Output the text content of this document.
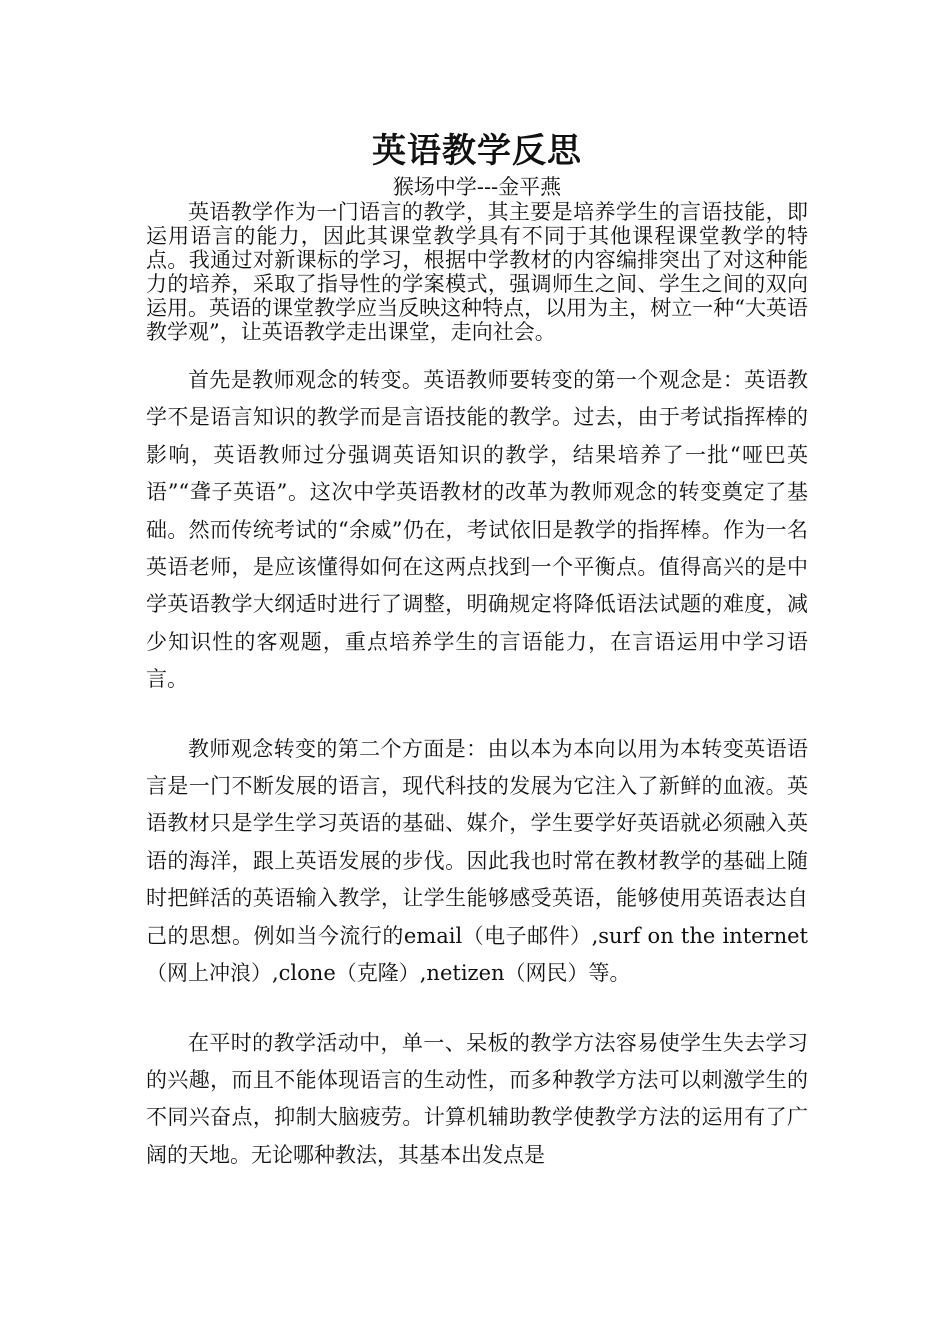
英语教学反思

猴场中学---金平燕

英语教学作为一门语言的教学，其主要是培养学生的言语技能，即运用语言的能力，因此其课堂教学具有不同于其他课程课堂教学的特点。我通过对新课标的学习，根据中学教材的内容编排突出了对这种能力的培养，采取了指导性的学案模式，强调师生之间、学生之间的双向运用。英语的课堂教学应当反映这种特点，以用为主，树立一种“大英语教学观”，让英语教学走出课堂，走向社会。

首先是教师观念的转变。英语教师要转变的第一个观念是：英语教学不是语言知识的教学而是言语技能的教学。过去，由于考试指挥棒的影响，英语教师过分强调英语知识的教学，结果培养了一批“哑巴英语”“聋子英语”。这次中学英语教材的改革为教师观念的转变奠定了基础。然而传统考试的“余威”仍在，考试依旧是教学的指挥棒。作为一名英语老师，是应该懂得如何在这两点找到一个平衡点。值得高兴的是中学英语教学大纲适时进行了调整，明确规定将降低语法试题的难度，减少知识性的客观题，重点培养学生的言语能力，在言语运用中学习语言。

教师观念转变的第二个方面是：由以本为本向以用为本转变英语语言是一门不断发展的语言，现代科技的发展为它注入了新鲜的血液。英语教材只是学生学习英语的基础、媒介，学生要学好英语就必须融入英语的海洋，跟上英语发展的步伐。因此我也时常在教材教学的基础上随时把鲜活的英语输入教学，让学生能够感受英语，能够使用英语表达自己的思想。例如当今流行的email（电子邮件）,surf on the internet（网上冲浪）,clone（克隆）,netizen（网民）等。

在平时的教学活动中，单一、呆板的教学方法容易使学生失去学习的兴趣，而且不能体现语言的生动性，而多种教学方法可以刺激学生的不同兴奋点，抑制大脑疲劳。计算机辅助教学使教学方法的运用有了广阔的天地。无论哪种教法，其基本出发点是
